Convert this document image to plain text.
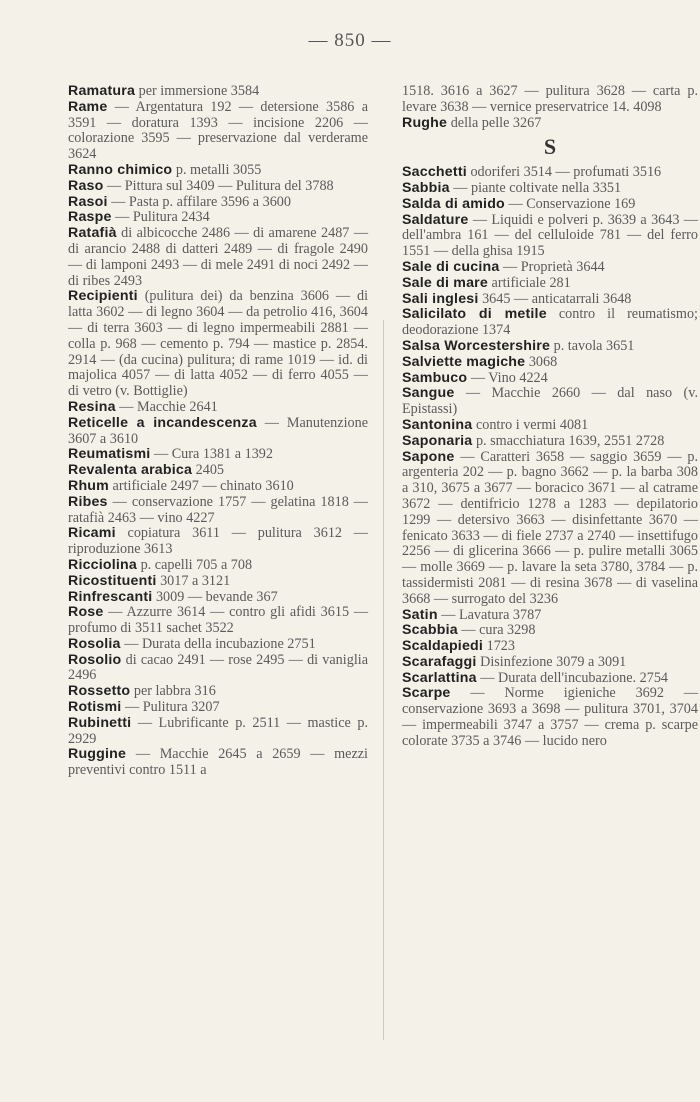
— 850 —

Ramatura per immersione 3584

Rame — Argentatura 192 — detersione 3586 a 3591 — doratura 1393 — incisione 2206 — colorazione 3595 — preservazione dal verderame 3624

Ranno chimico p. metalli 3055

Raso — Pittura sul 3409 — Pulitura del 3788

Rasoi — Pasta p. affilare 3596 a 3600

Raspe — Pulitura 2434

Ratafià di albicocche 2486 — di amarene 2487 — di arancio 2488 di datteri 2489 — di fragole 2490 — di lamponi 2493 — di mele 2491 di noci 2492 — di ribes 2493

Recipienti (pulitura dei) da benzina 3606 — di latta 3602 — di legno 3604 — da petrolio 416, 3604 — di terra 3603 — di legno impermeabili 2881 — colla p. 968 — cemento p. 794 — mastice p. 2854. 2914 — (da cucina) pulitura; di rame 1019 — id. di majolica 4057 — di latta 4052 — di ferro 4055 — di vetro (v. Bottiglie)

Resina — Macchie 2641

Reticelle a incandescenza — Manutenzione 3607 a 3610

Reumatismi — Cura 1381 a 1392

Revalenta arabica 2405

Rhum artificiale 2497 — chinato 3610

Ribes — conservazione 1757 — gelatina 1818 — ratafià 2463 — vino 4227

Ricami copiatura 3611 — pulitura 3612 — riproduzione 3613

Ricciolina p. capelli 705 a 708

Ricostituenti 3017 a 3121

Rinfrescanti 3009 — bevande 367

Rose — Azzurre 3614 — contro gli afidi 3615 — profumo di 3511 sachet 3522

Rosolia — Durata della incubazione 2751

Rosolio di cacao 2491 — rose 2495 — di vaniglia 2496

Rossetto per labbra 316

Rotismi — Pulitura 3207

Rubinetti — Lubrificante p. 2511 — mastice p. 2929

Ruggine — Macchie 2645 a 2659 — mezzi preventivi contro 1511 a

1518. 3616 a 3627 — pulitura 3628 — carta p. levare 3638 — vernice preservatrice 14. 4098

Rughe della pelle 3267

S

Sacchetti odoriferi 3514 — profumati 3516

Sabbia — piante coltivate nella 3351

Salda di amido — Conservazione 169

Saldature — Liquidi e polveri p. 3639 a 3643 — dell'ambra 161 — del celluloide 781 — del ferro 1551 — della ghisa 1915

Sale di cucina — Proprietà 3644

Sale di mare artificiale 281

Sali inglesi 3645 — anticatarrali 3648

Salicilato di metile contro il reumatismo; deodorazione 1374

Salsa Worcestershire p. tavola 3651

Salviette magiche 3068

Sambuco — Vino 4224

Sangue — Macchie 2660 — dal naso (v. Epistassi)

Santonina contro i vermi 4081

Saponaria p. smacchiatura 1639, 2551 2728

Sapone — Caratteri 3658 — saggio 3659 — p. argenteria 202 — p. bagno 3662 — p. la barba 308 a 310, 3675 a 3677 — boracico 3671 — al catrame 3672 — dentifricio 1278 a 1283 — depilatorio 1299 — detersivo 3663 — disinfettante 3670 — fenicato 3633 — di fiele 2737 a 2740 — insettifugo 2256 — di glicerina 3666 — p. pulire metalli 3065 — molle 3669 — p. lavare la seta 3780, 3784 — p. tassidermisti 2081 — di resina 3678 — di vaselina 3668 — surrogato del 3236

Satin — Lavatura 3787

Scabbia — cura 3298

Scaldapiedi 1723

Scarafaggi Disinfezione 3079 a 3091

Scarlattina — Durata dell'incubazione. 2754

Scarpe — Norme igieniche 3692 — conservazione 3693 a 3698 — pulitura 3701, 3704 — impermeabili 3747 a 3757 — crema p. scarpe colorate 3735 a 3746 — lucido nero
